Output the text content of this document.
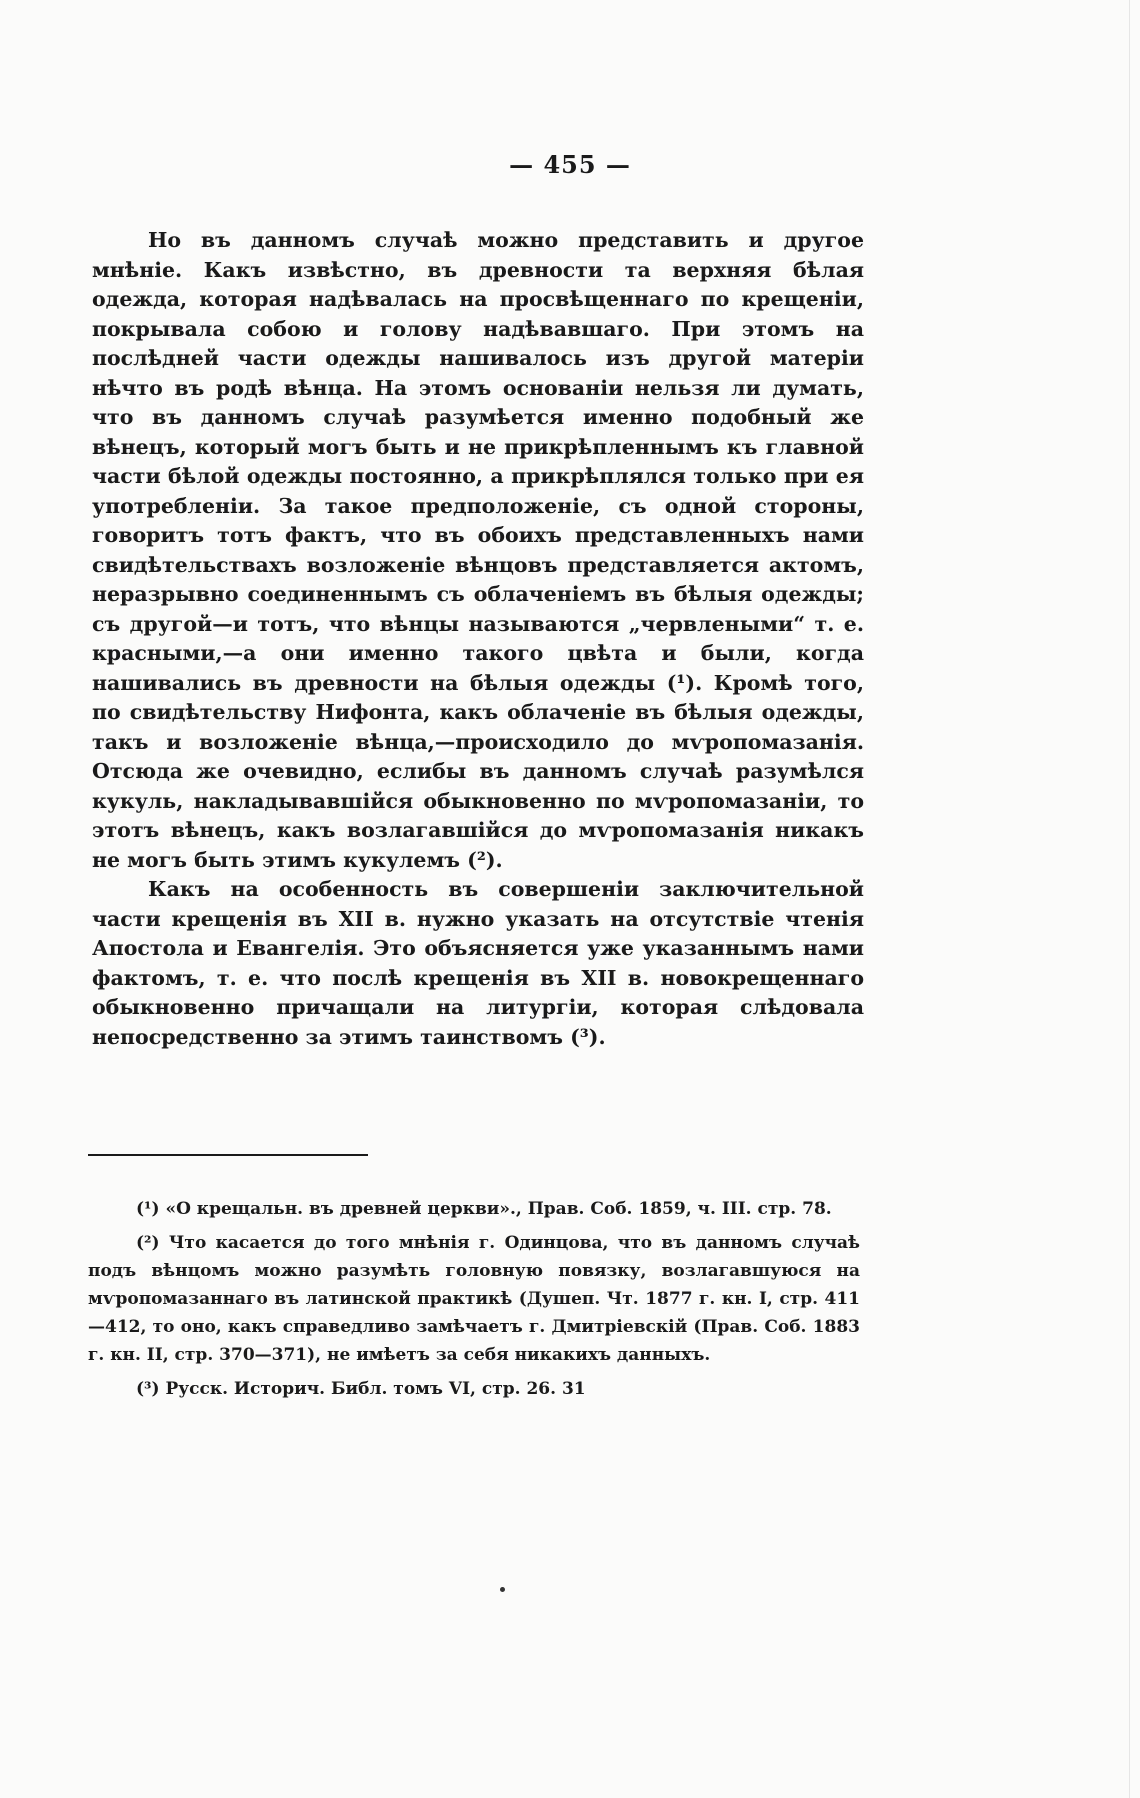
— 455 —

Но въ данномъ случаѣ можно представить и другое мнѣніе. Какъ извѣстно, въ древности та верхняя бѣлая одежда, которая надѣвалась на просвѣщеннаго по крещеніи, покрывала собою и голову надѣвавшаго. При этомъ на послѣдней части одежды нашивалось изъ другой матеріи нѣчто въ родѣ вѣнца. На этомъ основаніи нельзя ли думать, что въ данномъ случаѣ разумѣется именно подобный же вѣнецъ, который могъ быть и не прикрѣпленнымъ къ главной части бѣлой одежды постоянно, а прикрѣплялся только при ея употребленіи. За такое предположеніе, съ одной стороны, говоритъ тотъ фактъ, что въ обоихъ представленныхъ нами свидѣтельствахъ возложеніе вѣнцовъ представляется актомъ, неразрывно соединеннымъ съ облаченіемъ въ бѣлыя одежды; съ другой—и тотъ, что вѣнцы называются „червлеными“ т. е. красными,—а они именно такого цвѣта и были, когда нашивались въ древности на бѣлыя одежды (¹). Кромѣ того, по свидѣтельству Нифонта, какъ облаченіе въ бѣлыя одежды, такъ и возложеніе вѣнца,—происходило до мѵропомазанія. Отсюда же очевидно, еслибы въ данномъ случаѣ разумѣлся кукуль, накладывавшійся обыкновенно по мѵропомазаніи, то этотъ вѣнецъ, какъ возлагавшійся до мѵропомазанія никакъ не могъ быть этимъ кукулемъ (²).

Какъ на особенность въ совершеніи заключительной части крещенія въ XII в. нужно указать на отсутствіе чтенія Апостола и Евангелія. Это объясняется уже указаннымъ нами фактомъ, т. е. что послѣ крещенія въ XII в. новокрещеннаго обыкновенно причащали на литургіи, которая слѣдовала непосредственно за этимъ таинствомъ (³).

(¹) «О крещальн. въ древней церкви»., Прав. Соб. 1859, ч. III. стр. 78.

(²) Что касается до того мнѣнія г. Одинцова, что въ данномъ случаѣ подъ вѣнцомъ можно разумѣть головную повязку, возлагавшуюся на мѵропомазаннаго въ латинской практикѣ (Душеп. Чт. 1877 г. кн. I, стр. 411—412, то оно, какъ справедливо замѣчаетъ г. Дмитріевскій (Прав. Соб. 1883 г. кн. II, стр. 370—371), не имѣетъ за себя никакихъ данныхъ.

(³) Русск. Историч. Библ. томъ VI, стр. 26. 31
